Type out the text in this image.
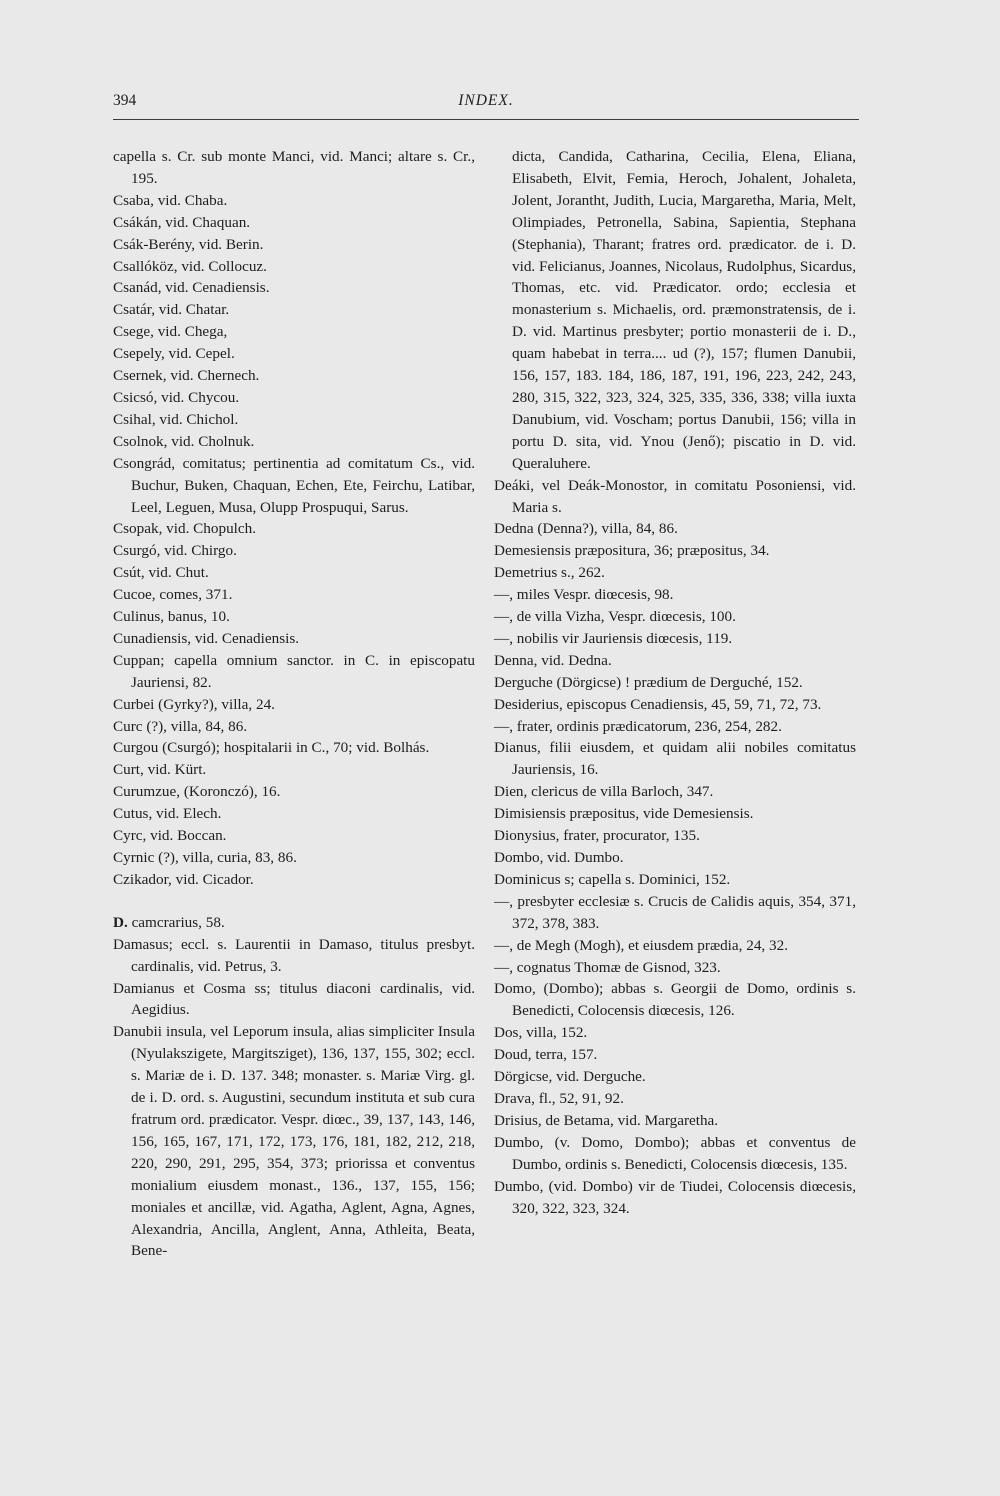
394	INDEX.

capella s. Cr. sub monte Manci, vid. Manci; altare s. Cr., 195.

Csaba, vid. Chaba.

Csákán, vid. Chaquan.

Csák-Berény, vid. Berin.

Csallóköz, vid. Collocuz.

Csanád, vid. Cenadiensis.

Csatár, vid. Chatar.

Csege, vid. Chega,

Csepely, vid. Cepel.

Csernek, vid. Chernech.

Csicsó, vid. Chycou.

Csihal, vid. Chichol.

Csolnok, vid. Cholnuk.

Csongrád, comitatus; pertinentia ad comitatum Cs., vid. Buchur, Buken, Chaquan, Echen, Ete, Feirchu, Latibar, Leel, Leguen, Musa, Olupp Prospuqui, Sarus.

Csopak, vid. Chopulch.

Csurgó, vid. Chirgo.

Csút, vid. Chut.

Cucoe, comes, 371.

Culinus, banus, 10.

Cunadiensis, vid. Cenadiensis.

Cuppan; capella omnium sanctor. in C. in episcopatu Jauriensi, 82.

Curbei (Gyrky?), villa, 24.

Curc (?), villa, 84, 86.

Curgou (Csurgó); hospitalarii in C., 70; vid. Bolhás.

Curt, vid. Kürt.

Curumzue, (Koronczó), 16.

Cutus, vid. Elech.

Cyrc, vid. Boccan.

Cyrnic (?), villa, curia, 83, 86.

Czikador, vid. Cicador.

D. camcrarius, 58.

Damasus; eccl. s. Laurentii in Damaso, titulus presbyt. cardinalis, vid. Petrus, 3.

Damianus et Cosma ss; titulus diaconi cardinalis, vid. Aegidius.

Danubii insula, vel Leporum insula, alias simpliciter Insula (Nyulakszigete, Margitsziget), 136, 137, 155, 302; eccl. s. Mariæ de i. D. 137. 348; monaster. s. Mariæ Virg. gl. de i. D. ord. s. Augustini, secundum instituta et sub cura fratrum ord. prædicator. Vespr. diœc., 39, 137, 143, 146, 156, 165, 167, 171, 172, 173, 176, 181, 182, 212, 218, 220, 290, 291, 295, 354, 373; priorissa et conventus monialium eiusdem monast., 136., 137, 155, 156; moniales et ancillæ, vid. Agatha, Aglent, Agna, Agnes, Alexandria, Ancilla, Anglent, Anna, Athleita, Beata, Bene-

dicta, Candida, Catharina, Cecilia, Elena, Eliana, Elisabeth, Elvit, Femia, Heroch, Johalent, Johaleta, Jolent, Jorantht, Judith, Lucia, Margaretha, Maria, Melt, Olimpiades, Petronella, Sabina, Sapientia, Stephana (Stephania), Tharant; fratres ord. prædicator. de i. D. vid. Felicianus, Joannes, Nicolaus, Rudolphus, Sicardus, Thomas, etc. vid. Prædicator. ordo; ecclesia et monasterium s. Michaelis, ord. præmonstratensis, de i. D. vid. Martinus presbyter; portio monasterii de i. D., quam habebat in terra.... ud (?), 157; flumen Danubii, 156, 157, 183. 184, 186, 187, 191, 196, 223, 242, 243, 280, 315, 322, 323, 324, 325, 335, 336, 338; villa iuxta Danubium, vid. Voscham; portus Danubii, 156; villa in portu D. sita, vid. Ynou (Jenő); piscatio in D. vid. Queraluhere.

Deáki, vel Deák-Monostor, in comitatu Posoniensi, vid. Maria s.

Dedna (Denna?), villa, 84, 86.

Demesiensis præpositura, 36; præpositus, 34.

Demetrius s., 262.

—, miles Vespr. diœcesis, 98.

—, de villa Vizha, Vespr. diœcesis, 100.

—, nobilis vir Jauriensis diœcesis, 119.

Denna, vid. Dedna.

Derguche (Dörgicse) ! prædium de Derguché, 152.

Desiderius, episcopus Cenadiensis, 45, 59, 71, 72, 73.

—, frater, ordinis prædicatorum, 236, 254, 282.

Dianus, filii eiusdem, et quidam alii nobiles comitatus Jauriensis, 16.

Dien, clericus de villa Barloch, 347.

Dimisiensis præpositus, vide Demesiensis.

Dionysius, frater, procurator, 135.

Dombo, vid. Dumbo.

Dominicus s; capella s. Dominici, 152.

—, presbyter ecclesiæ s. Crucis de Calidis aquis, 354, 371, 372, 378, 383.

—, de Megh (Mogh), et eiusdem prædia, 24, 32.

—, cognatus Thomæ de Gisnod, 323.

Domo, (Dombo); abbas s. Georgii de Domo, ordinis s. Benedicti, Colocensis diœcesis, 126.

Dos, villa, 152.

Doud, terra, 157.

Dörgicse, vid. Derguche.

Drava, fl., 52, 91, 92.

Drisius, de Betama, vid. Margaretha.

Dumbo, (v. Domo, Dombo); abbas et conventus de Dumbo, ordinis s. Benedicti, Colocensis diœcesis, 135.

Dumbo, (vid. Dombo) vir de Tiudei, Colocensis diœcesis, 320, 322, 323, 324.
